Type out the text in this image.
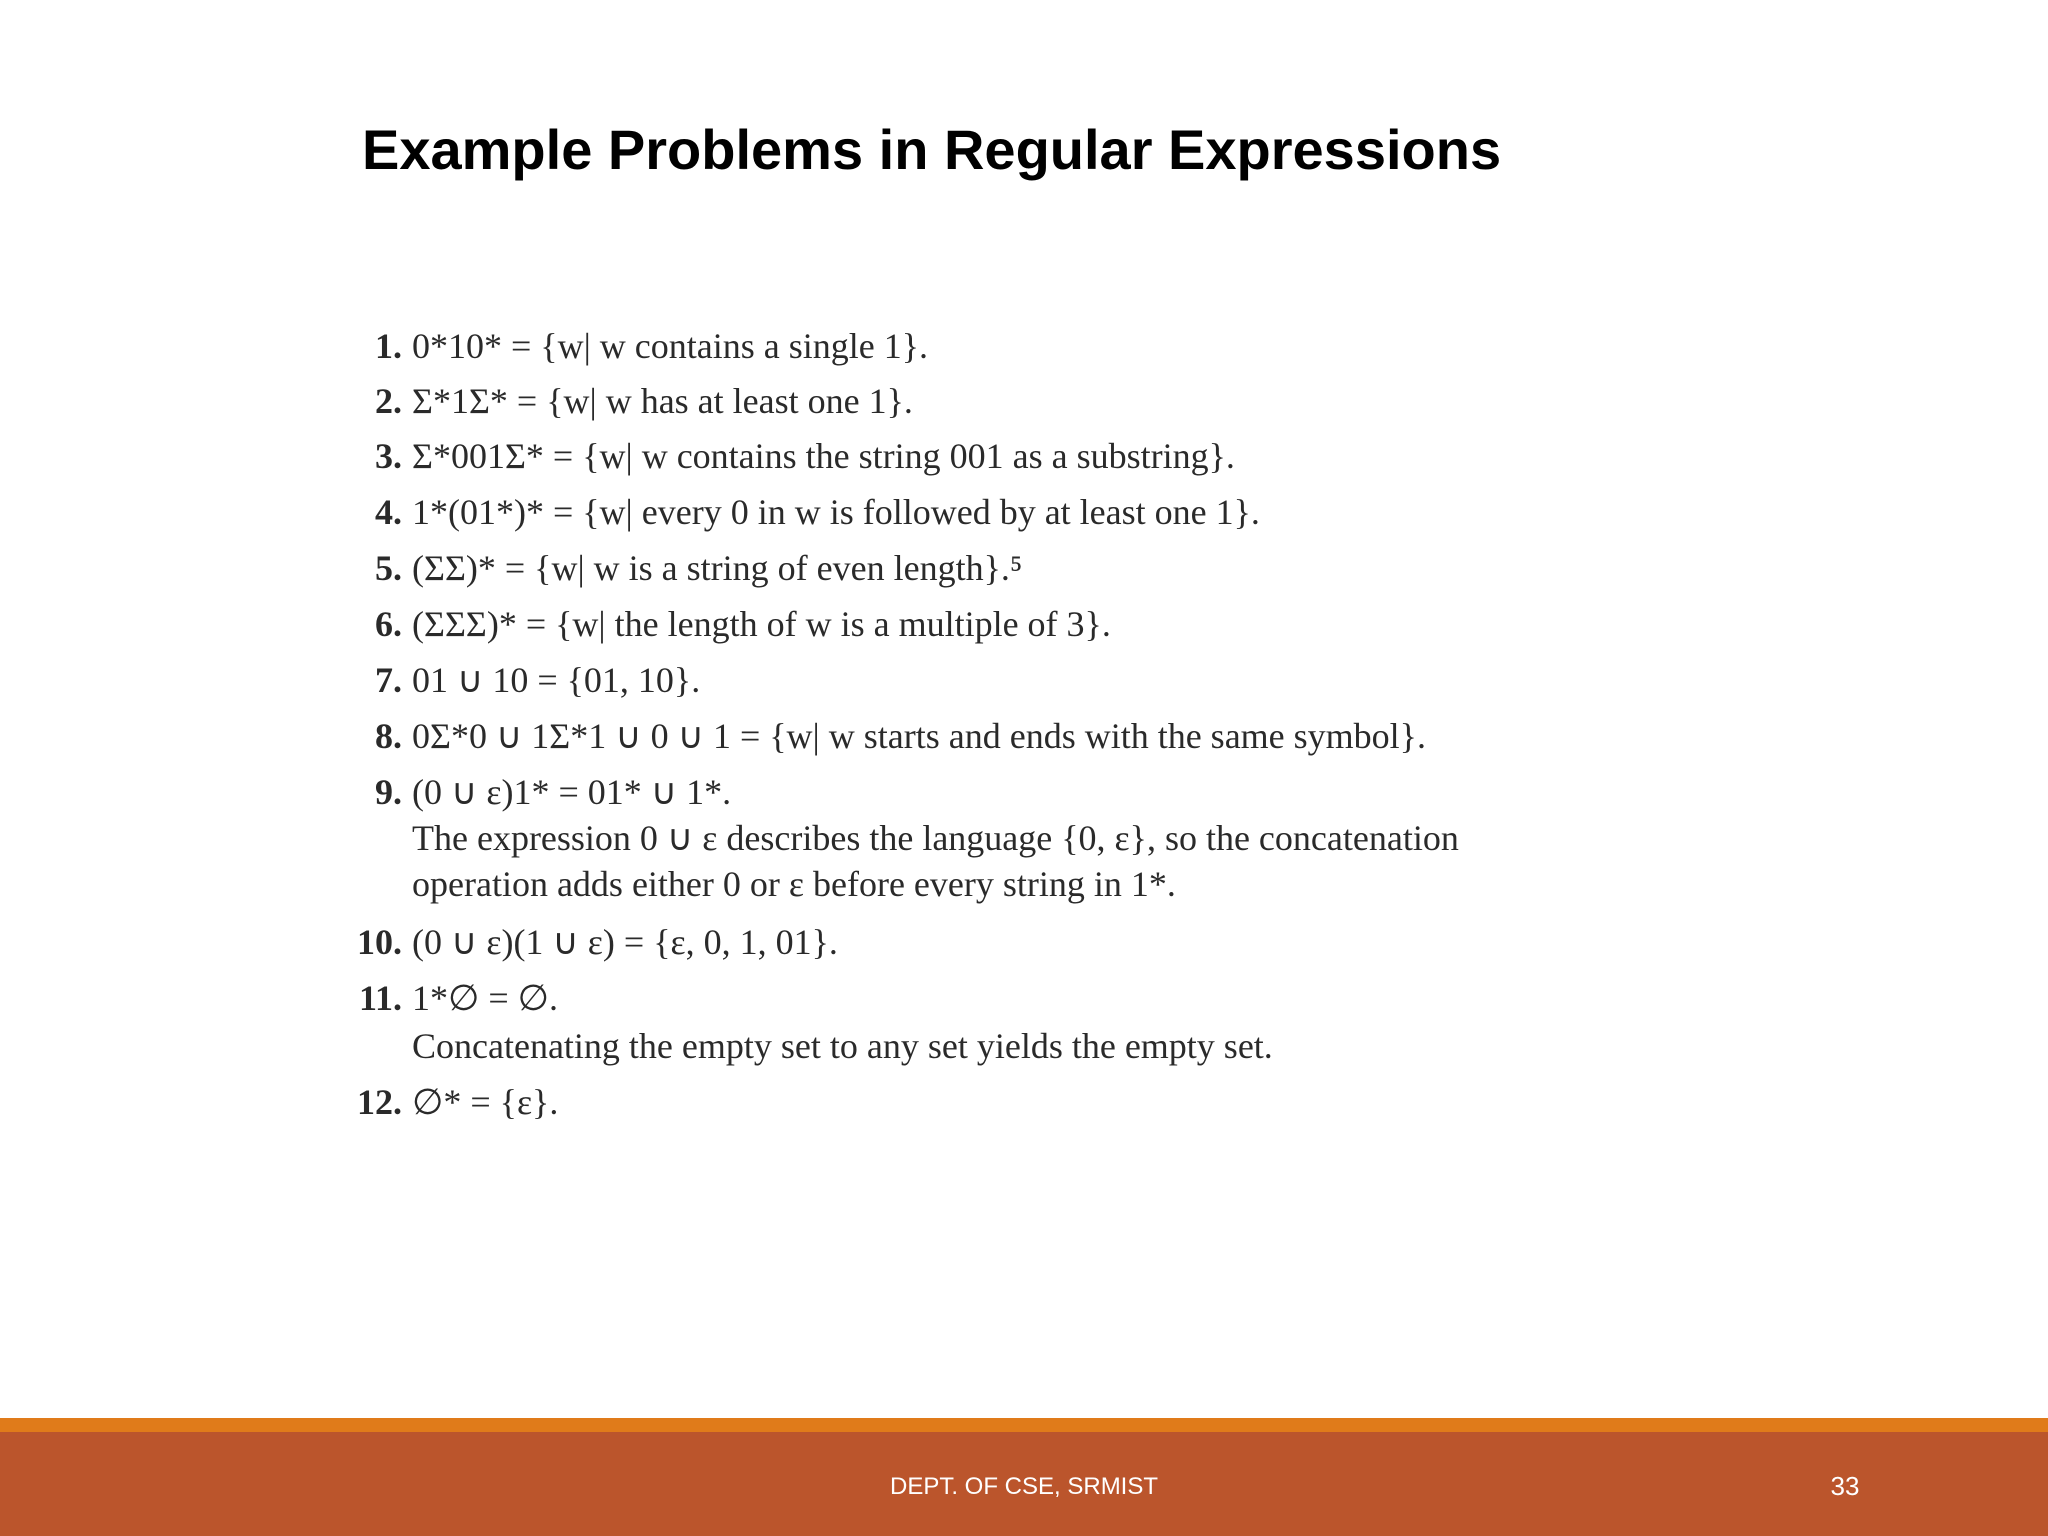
Example Problems in Regular Expressions
1. 0*10* = {w| w contains a single 1}.
2. Σ*1Σ* = {w| w has at least one 1}.
3. Σ*001Σ* = {w| w contains the string 001 as a substring}.
4. 1*(01*)* = {w| every 0 in w is followed by at least one 1}.
5. (ΣΣ)* = {w| w is a string of even length}.⁵
6. (ΣΣΣ)* = {w| the length of w is a multiple of 3}.
7. 01 ∪ 10 = {01, 10}.
8. 0Σ*0 ∪ 1Σ*1 ∪ 0 ∪ 1 = {w| w starts and ends with the same symbol}.
9. (0 ∪ ε)1* = 01* ∪ 1*.
The expression 0 ∪ ε describes the language {0, ε}, so the concatenation
operation adds either 0 or ε before every string in 1*.
10. (0 ∪ ε)(1 ∪ ε) = {ε, 0, 1, 01}.
11. 1*∅ = ∅.
Concatenating the empty set to any set yields the empty set.
12. ∅* = {ε}.
DEPT. OF CSE, SRMIST	33
